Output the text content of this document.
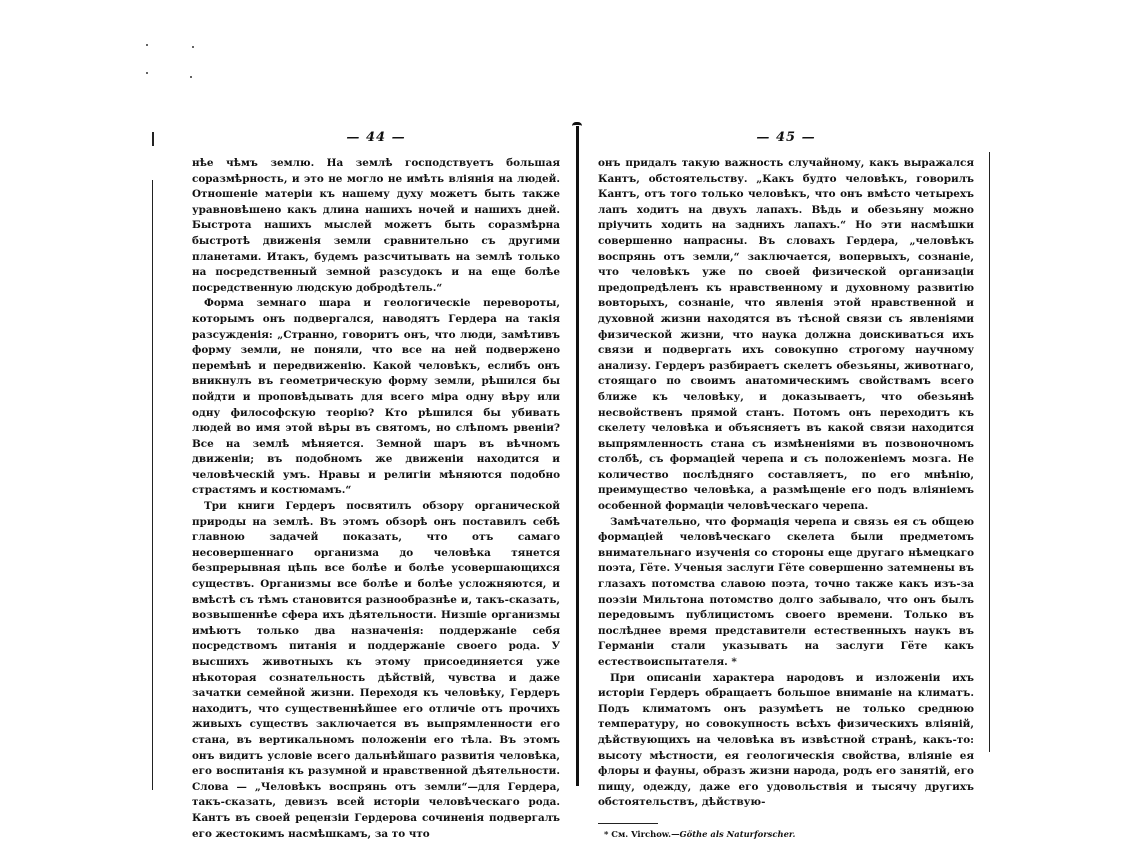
— 44 —

нѣе чѣмъ землю. На землѣ господствуетъ большая соразмѣрность, и это не могло не имѣть вліянія на людей. Отношеніе матеріи къ нашему духу можетъ быть также уравновѣшено какъ длина нашихъ ночей и нашихъ дней. Быстрота нашихъ мыслей можетъ быть соразмѣрна быстротѣ движенія земли сравнительно съ другими планетами. Итакъ, будемъ разсчитывать на землѣ только на посредственный земной разсудокъ и на еще болѣе посредственную людскую добродѣтель.“

Форма земнаго шара и геологическіе перевороты, которымъ онъ подвергался, наводятъ Гердера на такія разсужденія: „Странно, говоритъ онъ, что люди, замѣтивъ форму земли, не поняли, что все на ней подвержено перемѣнѣ и передвиженію. Какой человѣкъ, еслибъ онъ вникнулъ въ геометрическую форму земли, рѣшился бы пойдти и проповѣдывать для всего міра одну вѣру или одну философскую теорію? Кто рѣшился бы убивать людей во имя этой вѣры въ святомъ, но слѣпомъ рвеніи? Все на землѣ мѣняется. Земной шаръ въ вѣчномъ движеніи; въ подобномъ же движеніи находится и человѣческій умъ. Нравы и религіи мѣняются подобно страстямъ и костюмамъ.“

Три книги Гердеръ посвятилъ обзору органической природы на землѣ. Въ этомъ обзорѣ онъ поставилъ себѣ главною задачей показать, что отъ самаго несовершеннаго организма до человѣка тянется безпрерывная цѣпь все болѣе и болѣе усовершающихся существъ. Организмы все болѣе и болѣе усложняются, и вмѣстѣ съ тѣмъ становится разнообразнѣе и, такъ-сказать, возвышеннѣе сфера ихъ дѣятельности. Низшіе организмы имѣютъ только два назначенія: поддержаніе себя посредствомъ питанія и поддержаніе своего рода. У высшихъ животныхъ къ этому присоединяется уже нѣкоторая сознательность дѣйствій, чувства и даже зачатки семейной жизни. Переходя къ человѣку, Гердеръ находитъ, что существеннѣйшее его отличіе отъ прочихъ живыхъ существъ заключается въ выпрямленности его стана, въ вертикальномъ положеніи его тѣла. Въ этомъ онъ видитъ условіе всего дальнѣйшаго развитія человѣка, его воспитанія къ разумной и нравственной дѣятельности. Слова — „Человѣкъ воспрянь отъ земли“—для Гердера, такъ-сказать, девизъ всей исторіи человѣческаго рода. Кантъ въ своей рецензіи Гердерова сочиненія подвергалъ его жестокимъ насмѣшкамъ, за то что

— 45 —

онъ придалъ такую важность случайному, какъ выражался Кантъ, обстоятельству. „Какъ будто человѣкъ, говорилъ Кантъ, отъ того только человѣкъ, что онъ вмѣсто четырехъ лапъ ходитъ на двухъ лапахъ. Вѣдь и обезьяну можно пріучить ходить на заднихъ лапахъ.“ Но эти насмѣшки совершенно напрасны. Въ словахъ Гердера, „человѣкъ воспрянь отъ земли,“ заключается, вопервыхъ, сознаніе, что человѣкъ уже по своей физической организаціи предопредѣленъ къ нравственному и духовному развитію вовторыхъ, сознаніе, что явленія этой нравственной и духовной жизни находятся въ тѣсной связи съ явленіями физической жизни, что наука должна доискиваться ихъ связи и подвергать ихъ совокупно строгому научному анализу. Гердеръ разбираетъ скелетъ обезьяны, животнаго, стоящаго по своимъ анатомическимъ свойствамъ всего ближе къ человѣку, и доказываетъ, что обезьянѣ несвойственъ прямой станъ. Потомъ онъ переходитъ къ скелету человѣка и объясняетъ въ какой связи находится выпрямленность стана съ измѣненіями въ позвоночномъ столбѣ, съ формаціей черепа и съ положеніемъ мозга. Не количество послѣдняго составляетъ, по его мнѣнію, преимущество человѣка, а размѣщеніе его подъ вліяніемъ особенной формаціи человѣческаго черепа.

Замѣчательно, что формація черепа и связь ея съ общею формаціей человѣческаго скелета были предметомъ внимательнаго изученія со стороны еще другаго нѣмецкаго поэта, Гёте. Ученыя заслуги Гёте совершенно затемнены въ глазахъ потомства славою поэта, точно также какъ изъ-за поэзіи Мильтона потомство долго забывало, что онъ былъ передовымъ публицистомъ своего времени. Только въ послѣднее время представители естественныхъ наукъ въ Германіи стали указывать на заслуги Гёте какъ естествоиспытателя. *

При описаніи характера народовъ и изложеніи ихъ исторіи Гердеръ обращаетъ большое вниманіе на климатъ. Подъ климатомъ онъ разумѣетъ не только среднюю температуру, но совокупность всѣхъ физическихъ вліяній, дѣйствующихъ на человѣка въ извѣстной странѣ, какъ-то: высоту мѣстности, ея геологическія свойства, вліяніе ея флоры и фауны, образъ жизни народа, родъ его занятій, его пищу, одежду, даже его удовольствія и тысячу другихъ обстоятельствъ, дѣйствую-

* См. Virchow.—Göthe als Naturforscher.
